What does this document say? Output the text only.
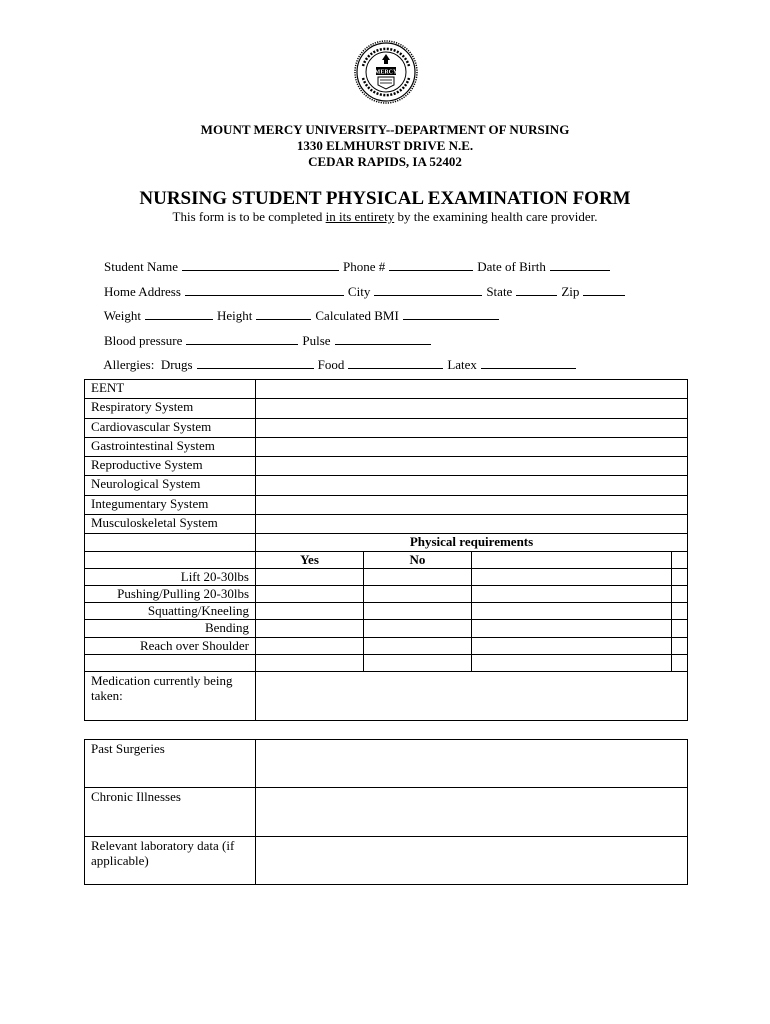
MERCY
MOUNT MERCY UNIVERSITY--DEPARTMENT OF NURSING
1330 ELMHURST DRIVE N.E.
CEDAR RAPIDS, IA 52402
NURSING STUDENT PHYSICAL EXAMINATION FORM
This form is to be completed in its entirety by the examining health care provider.

Student Name	Phone #	Date of Birth

Home Address	City	State	Zip

Weight	Height	Calculated BMI

Blood pressure	Pulse

Allergies:  Drugs	Food	Latex

EENT				
Respiratory System				
Cardiovascular System				
Gastrointestinal System				
Reproductive System				
Neurological System				
Integumentary System				
Musculoskeletal System				
	Physical requirements			
	Yes	No		
Lift 20-30lbs				
Pushing/Pulling 20-30lbs				
Squatting/Kneeling				
Bending				
Reach over Shoulder				

Medication currently being taken:				
Past Surgeries	
Chronic Illnesses	
Relevant laboratory data (if applicable)	
